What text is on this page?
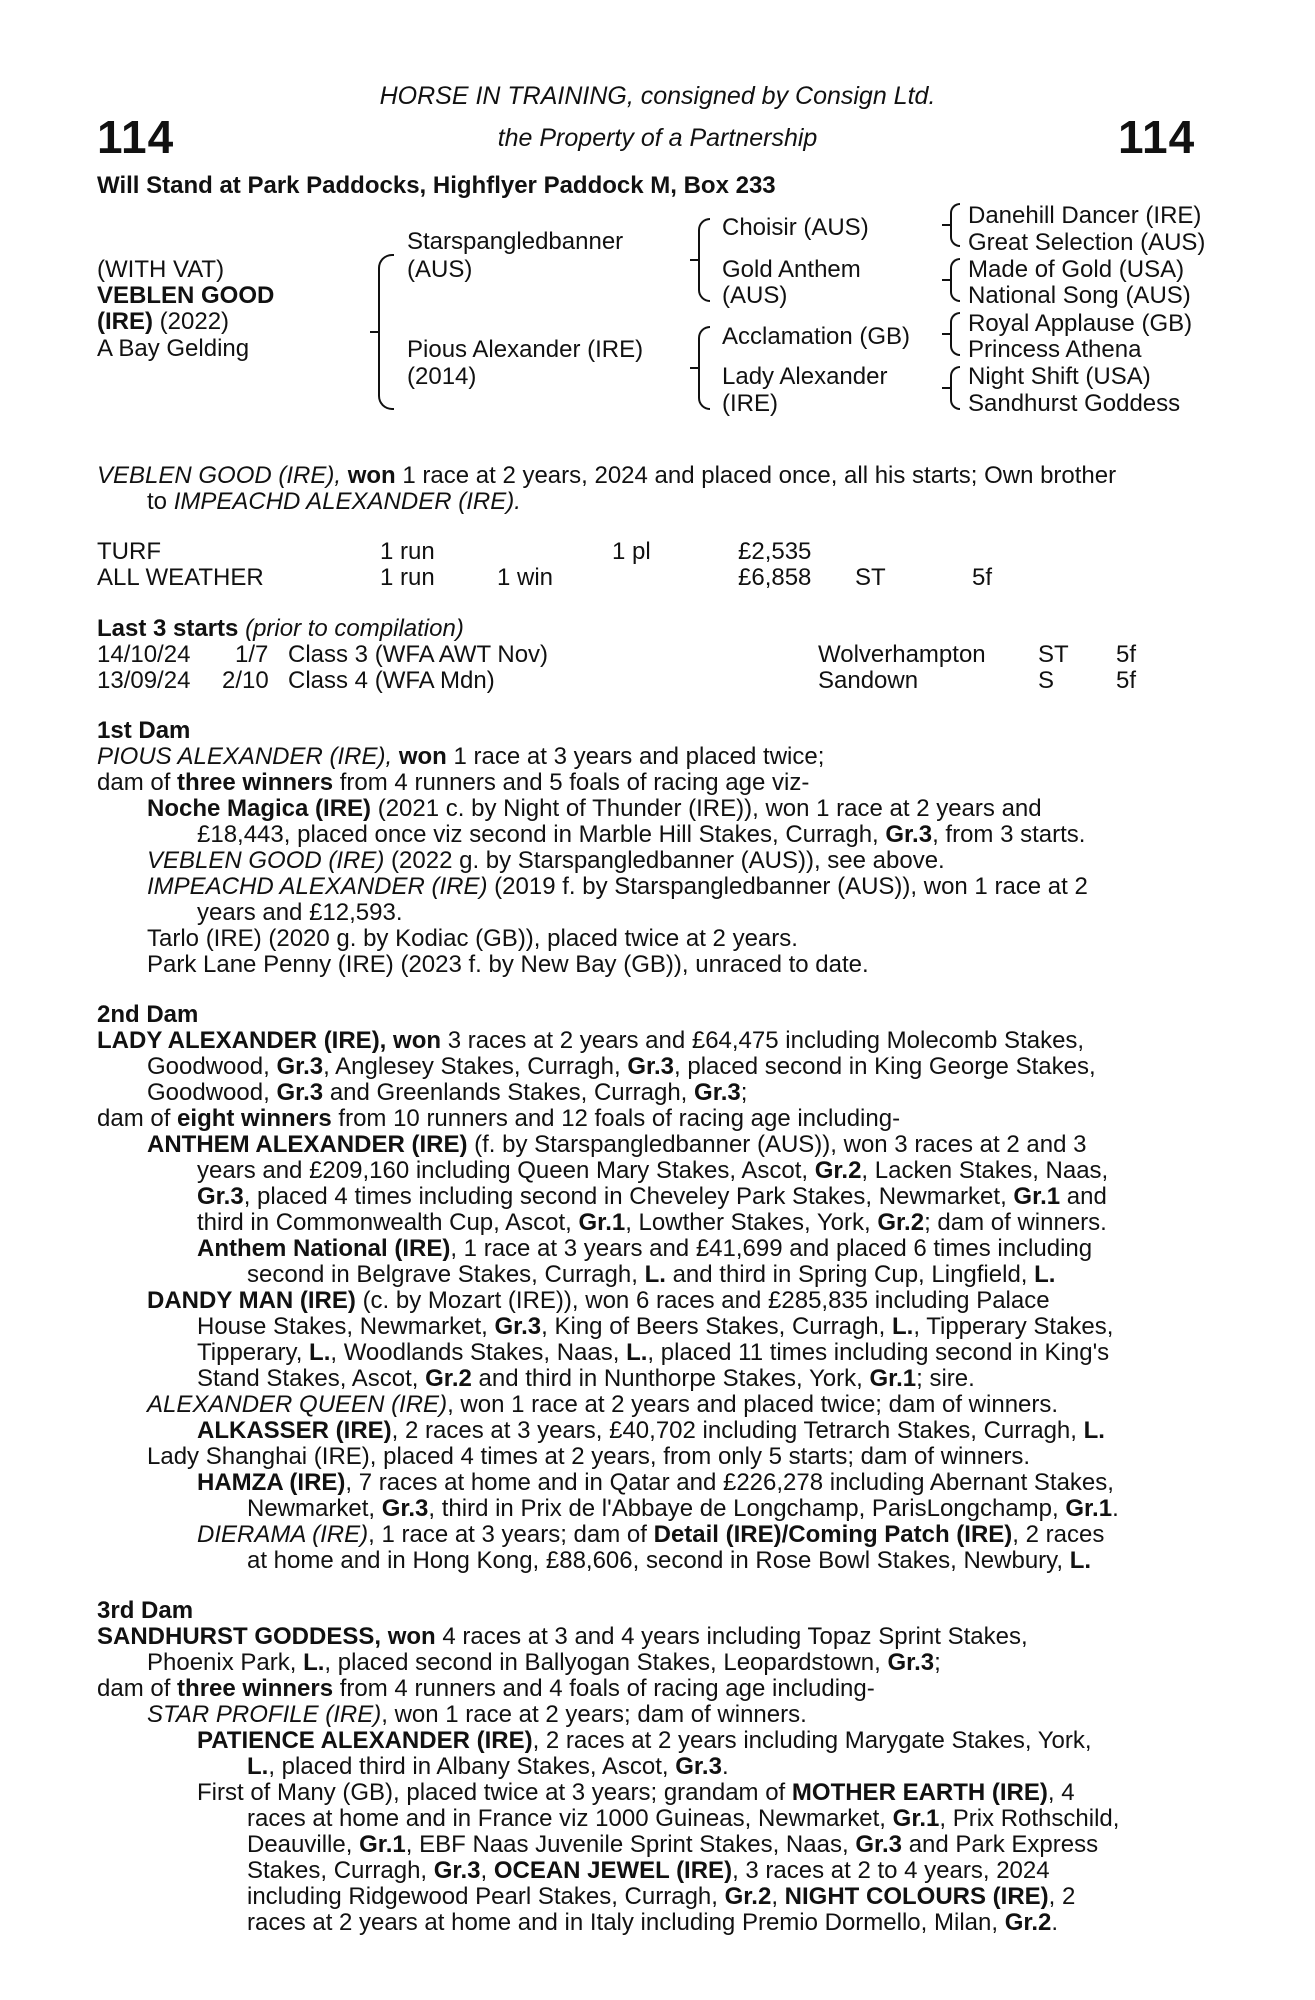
114	114
HORSE IN TRAINING, consigned by Consign Ltd.
the Property of a Partnership
Will Stand at Park Paddocks, Highflyer Paddock M, Box 233
(WITH VAT)
VEBLEN GOOD
(IRE) (2022)
A Bay Gelding
Starspangledbanner
(AUS)
Pious Alexander (IRE)
(2014)
Choisir (AUS)
Gold Anthem
(AUS)
Acclamation (GB)
Lady Alexander
(IRE)
Danehill Dancer (IRE)
Great Selection (AUS)
Made of Gold (USA)
National Song (AUS)
Royal Applause (GB)
Princess Athena
Night Shift (USA)
Sandhurst Goddess
VEBLEN GOOD (IRE), won 1 race at 2 years, 2024 and placed once, all his starts; Own brother
to IMPEACHD ALEXANDER (IRE).
TURF	1 run	1 pl	£2,535
ALL WEATHER	1 run	1 win	£6,858 ST	5f
Last 3 starts (prior to compilation)
14/10/24 1/7 Class 3 (WFA AWT Nov)	Wolverhampton ST 5f
13/09/24 2/10 Class 4 (WFA Mdn)	Sandown	S	5f
1st Dam
PIOUS ALEXANDER (IRE), won 1 race at 3 years and placed twice;
dam of three winners from 4 runners and 5 foals of racing age viz-
Noche Magica (IRE) (2021 c. by Night of Thunder (IRE)), won 1 race at 2 years and
£18,443, placed once viz second in Marble Hill Stakes, Curragh, Gr.3, from 3 starts.
VEBLEN GOOD (IRE) (2022 g. by Starspangledbanner (AUS)), see above.
IMPEACHD ALEXANDER (IRE) (2019 f. by Starspangledbanner (AUS)), won 1 race at 2
years and £12,593.
Tarlo (IRE) (2020 g. by Kodiac (GB)), placed twice at 2 years.
Park Lane Penny (IRE) (2023 f. by New Bay (GB)), unraced to date.
2nd Dam
LADY ALEXANDER (IRE), won 3 races at 2 years and £64,475 including Molecomb Stakes,
Goodwood, Gr.3, Anglesey Stakes, Curragh, Gr.3, placed second in King George Stakes,
Goodwood, Gr.3 and Greenlands Stakes, Curragh, Gr.3;
dam of eight winners from 10 runners and 12 foals of racing age including-
ANTHEM ALEXANDER (IRE) (f. by Starspangledbanner (AUS)), won 3 races at 2 and 3
years and £209,160 including Queen Mary Stakes, Ascot, Gr.2, Lacken Stakes, Naas,
Gr.3, placed 4 times including second in Cheveley Park Stakes, Newmarket, Gr.1 and
third in Commonwealth Cup, Ascot, Gr.1, Lowther Stakes, York, Gr.2; dam of winners.
Anthem National (IRE), 1 race at 3 years and £41,699 and placed 6 times including
second in Belgrave Stakes, Curragh, L. and third in Spring Cup, Lingfield, L.
DANDY MAN (IRE) (c. by Mozart (IRE)), won 6 races and £285,835 including Palace
House Stakes, Newmarket, Gr.3, King of Beers Stakes, Curragh, L., Tipperary Stakes,
Tipperary, L., Woodlands Stakes, Naas, L., placed 11 times including second in King's
Stand Stakes, Ascot, Gr.2 and third in Nunthorpe Stakes, York, Gr.1; sire.
ALEXANDER QUEEN (IRE), won 1 race at 2 years and placed twice; dam of winners.
ALKASSER (IRE), 2 races at 3 years, £40,702 including Tetrarch Stakes, Curragh, L.
Lady Shanghai (IRE), placed 4 times at 2 years, from only 5 starts; dam of winners.
HAMZA (IRE), 7 races at home and in Qatar and £226,278 including Abernant Stakes,
Newmarket, Gr.3, third in Prix de l'Abbaye de Longchamp, ParisLongchamp, Gr.1.
DIERAMA (IRE), 1 race at 3 years; dam of Detail (IRE)/Coming Patch (IRE), 2 races
at home and in Hong Kong, £88,606, second in Rose Bowl Stakes, Newbury, L.
3rd Dam
SANDHURST GODDESS, won 4 races at 3 and 4 years including Topaz Sprint Stakes,
Phoenix Park, L., placed second in Ballyogan Stakes, Leopardstown, Gr.3;
dam of three winners from 4 runners and 4 foals of racing age including-
STAR PROFILE (IRE), won 1 race at 2 years; dam of winners.
PATIENCE ALEXANDER (IRE), 2 races at 2 years including Marygate Stakes, York,
L., placed third in Albany Stakes, Ascot, Gr.3.
First of Many (GB), placed twice at 3 years; grandam of MOTHER EARTH (IRE), 4
races at home and in France viz 1000 Guineas, Newmarket, Gr.1, Prix Rothschild,
Deauville, Gr.1, EBF Naas Juvenile Sprint Stakes, Naas, Gr.3 and Park Express
Stakes, Curragh, Gr.3, OCEAN JEWEL (IRE), 3 races at 2 to 4 years, 2024
including Ridgewood Pearl Stakes, Curragh, Gr.2, NIGHT COLOURS (IRE), 2
races at 2 years at home and in Italy including Premio Dormello, Milan, Gr.2.
